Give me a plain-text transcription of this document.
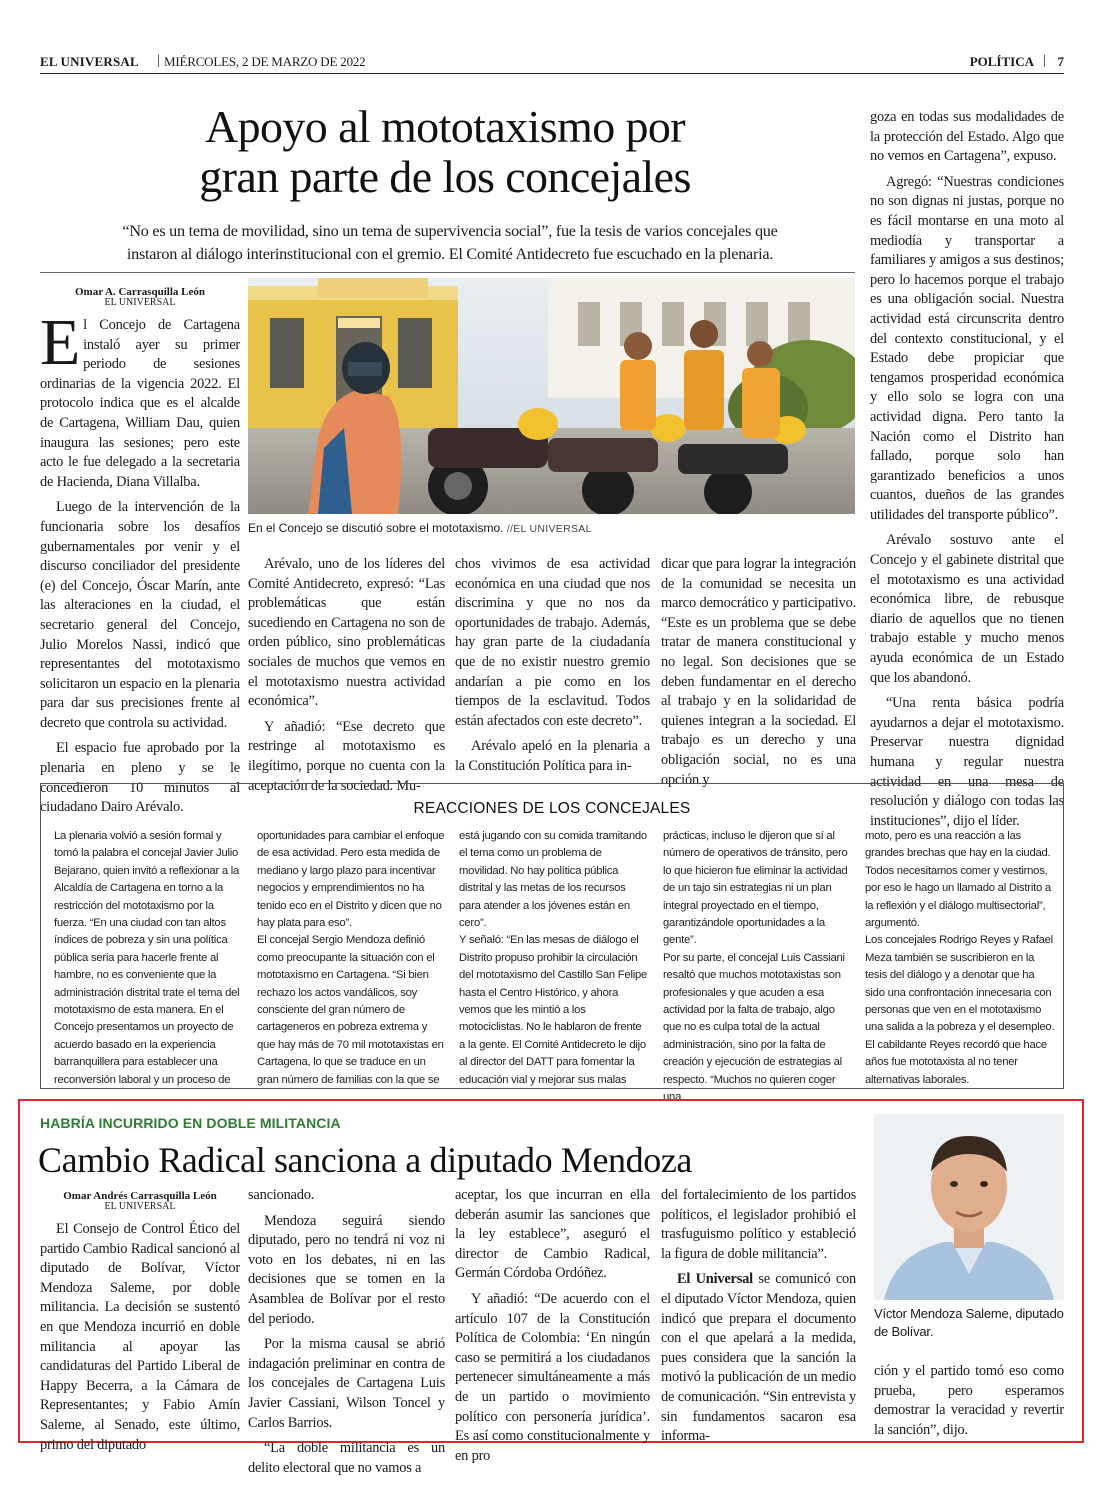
EL UNIVERSAL | MIÉRCOLES, 2 DE MARZO DE 2022	POLÍTICA | 7
Apoyo al mototaxismo por
gran parte de los concejales
“No es un tema de movilidad, sino un tema de supervivencia social”, fue la tesis de varios concejales que
instaron al diálogo interinstitucional con el gremio. El Comité Antidecreto fue escuchado en la plenaria.
Omar A. Carrasquilla León
EL UNIVERSAL

El Concejo de Cartagena instaló ayer su primer periodo de sesiones ordinarias de la vigencia 2022. El protocolo indica que es el alcalde de Cartagena, William Dau, quien inaugura las sesiones; pero este acto le fue delegado a la secretaria de Hacienda, Diana Villalba.

Luego de la intervención de la funcionaria sobre los desafíos gubernamentales por venir y el discurso conciliador del presidente (e) del Concejo, Óscar Marín, ante las alteraciones en la ciudad, el secretario general del Concejo, Julio Morelos Nassi, indicó que representantes del mototaxismo solicitaron un espacio en la plenaria para dar sus precisiones frente al decreto que controla su actividad.

El espacio fue aprobado por la plenaria en pleno y se le concedieron 10 minutos al ciudadano Dairo Arévalo.

En el Concejo se discutió sobre el mototaxismo. //EL UNIVERSAL

Arévalo, uno de los líderes del Comité Antidecreto, expresó: “Las problemáticas que están sucediendo en Cartagena no son de orden público, sino problemáticas sociales de muchos que vemos en el mototaxismo nuestra actividad económica”.

Y añadió: “Ese decreto que restringe al mototaxismo es ilegítimo, porque no cuenta con la aceptación de la sociedad. Mu-

chos vivimos de esa actividad económica en una ciudad que nos discrimina y que no nos da oportunidades de trabajo. Además, hay gran parte de la ciudadanía que de no existir nuestro gremio andarían a pie como en los tiempos de la esclavitud. Todos están afectados con este decreto”.

Arévalo apeló en la plenaria a la Constitución Política para in-

dicar que para lograr la integración de la comunidad se necesita un marco democrático y participativo. “Este es un problema que se debe tratar de manera constitucional y no legal. Son decisiones que se deben fundamentar en el derecho al trabajo y en la solidaridad de quienes integran a la sociedad. El trabajo es un derecho y una obligación social, no es una opción y

goza en todas sus modalidades de la protección del Estado. Algo que no vemos en Cartagena”, expuso.

Agregó: “Nuestras condiciones no son dignas ni justas, porque no es fácil montarse en una moto al mediodía y transportar a familiares y amigos a sus destinos; pero lo hacemos porque el trabajo es una obligación social. Nuestra actividad está circunscrita dentro del contexto constitucional, y el Estado debe propiciar que tengamos prosperidad económica y ello solo se logra con una actividad digna. Pero tanto la Nación como el Distrito han fallado, porque solo han garantizado beneficios a unos cuantos, dueños de las grandes utilidades del transporte público”.

Arévalo sostuvo ante el Concejo y el gabinete distrital que el mototaxismo es una actividad económica libre, de rebusque diario de aquellos que no tienen trabajo estable y mucho menos ayuda económica de un Estado que los abandonó.

“Una renta básica podría ayudarnos a dejar el mototaxismo. Preservar nuestra dignidad humana y regular nuestra actividad en una mesa de resolución y diálogo con todas las instituciones”, dijo el líder.

REACCIONES DE LOS CONCEJALES

La plenaria volvió a sesión formal y tomó la palabra el concejal Javier Julio Bejarano, quien invitó a reflexionar a la Alcaldía de Cartagena en torno a la restricción del mototaxismo por la fuerza. “En una ciudad con tan altos índices de pobreza y sin una política pública seria para hacerle frente al hambre, no es conveniente que la administración distrital trate el tema del mototaxismo de esta manera. En el Concejo presentamos un proyecto de acuerdo basado en la experiencia barranquillera para establecer una reconversión laboral y un proceso de

oportunidades para cambiar el enfoque de esa actividad. Pero esta medida de mediano y largo plazo para incentivar negocios y emprendimientos no ha tenido eco en el Distrito y dicen que no hay plata para eso”.

El concejal Sergio Mendoza definió como preocupante la situación con el mototaxismo en Cartagena. “Si bien rechazo los actos vandálicos, soy consciente del gran número de cartageneros en pobreza extrema y que hay más de 70 mil mototaxistas en Cartagena, lo que se traduce en un gran número de familias con la que se

está jugando con su comida tramitando el tema como un problema de movilidad. No hay política pública distrital y las metas de los recursos para atender a los jóvenes están en cero”.

Y señaló: “En las mesas de diálogo el Distrito propuso prohibir la circulación del mototaxismo del Castillo San Felipe hasta el Centro Histórico, y ahora vemos que les mintió a los motociclistas. No le hablaron de frente a la gente. El Comité Antidecreto le dijo al director del DATT para fomentar la educación vial y mejorar sus malas

prácticas, incluso le dijeron que sí al número de operativos de tránsito, pero lo que hicieron fue eliminar la actividad de un tajo sin estrategias ni un plan integral proyectado en el tiempo, garantizándole oportunidades a la gente”.

Por su parte, el concejal Luis Cassiani resaltó que muchos mototaxistas son profesionales y que acuden a esa actividad por la falta de trabajo, algo que no es culpa total de la actual administración, sino por la falta de creación y ejecución de estrategias al respecto. “Muchos no quieren coger una

moto, pero es una reacción a las grandes brechas que hay en la ciudad. Todos necesitamos comer y vestirnos, por eso le hago un llamado al Distrito a la reflexión y el diálogo multisectorial”, argumentó.

Los concejales Rodrigo Reyes y Rafael Meza también se suscribieron en la tesis del diálogo y a denotar que ha sido una confrontación innecesaria con personas que ven en el mototaxismo una salida a la pobreza y el desempleo. El cabildante Reyes recordó que hace años fue mototaxista al no tener alternativas laborales.

HABRÍA INCURRIDO EN DOBLE MILITANCIA
Cambio Radical sanciona a diputado Mendoza
Omar Andrés Carrasquilla León
EL UNIVERSAL

El Consejo de Control Ético del partido Cambio Radical sancionó al diputado de Bolívar, Víctor Mendoza Saleme, por doble militancia. La decisión se sustentó en que Mendoza incurrió en doble militancia al apoyar las candidaturas del Partido Liberal de Happy Becerra, a la Cámara de Representantes; y Fabio Amín Saleme, al Senado, este último, primo del diputado

sancionado.

Mendoza seguirá siendo diputado, pero no tendrá ni voz ni voto en los debates, ni en las decisiones que se tomen en la Asamblea de Bolívar por el resto del periodo.

Por la misma causal se abrió indagación preliminar en contra de los concejales de Cartagena Luis Javier Cassiani, Wilson Toncel y Carlos Barrios.

“La doble militancia es un delito electoral que no vamos a

aceptar, los que incurran en ella deberán asumir las sanciones que la ley establece”, aseguró el director de Cambio Radical, Germán Córdoba Ordóñez.

Y añadió: “De acuerdo con el artículo 107 de la Constitución Política de Colombia: ‘En ningún caso se permitirá a los ciudadanos pertenecer simultáneamente a más de un partido o movimiento político con personería jurídica’. Es así como constitucionalmente y en pro

del fortalecimiento de los partidos políticos, el legislador prohibió el trasfuguismo político y estableció la figura de doble militancia”.

El Universal se comunicó con el diputado Víctor Mendoza, quien indicó que prepara el documento con el que apelará a la medida, pues considera que la sanción la motivó la publicación de un medio de comunicación. “Sin entrevista y sin fundamentos sacaron esa informa-

Víctor Mendoza Saleme, diputado de Bolívar.

ción y el partido tomó eso como prueba, pero esperamos demostrar la veracidad y revertir la sanción”, dijo.
